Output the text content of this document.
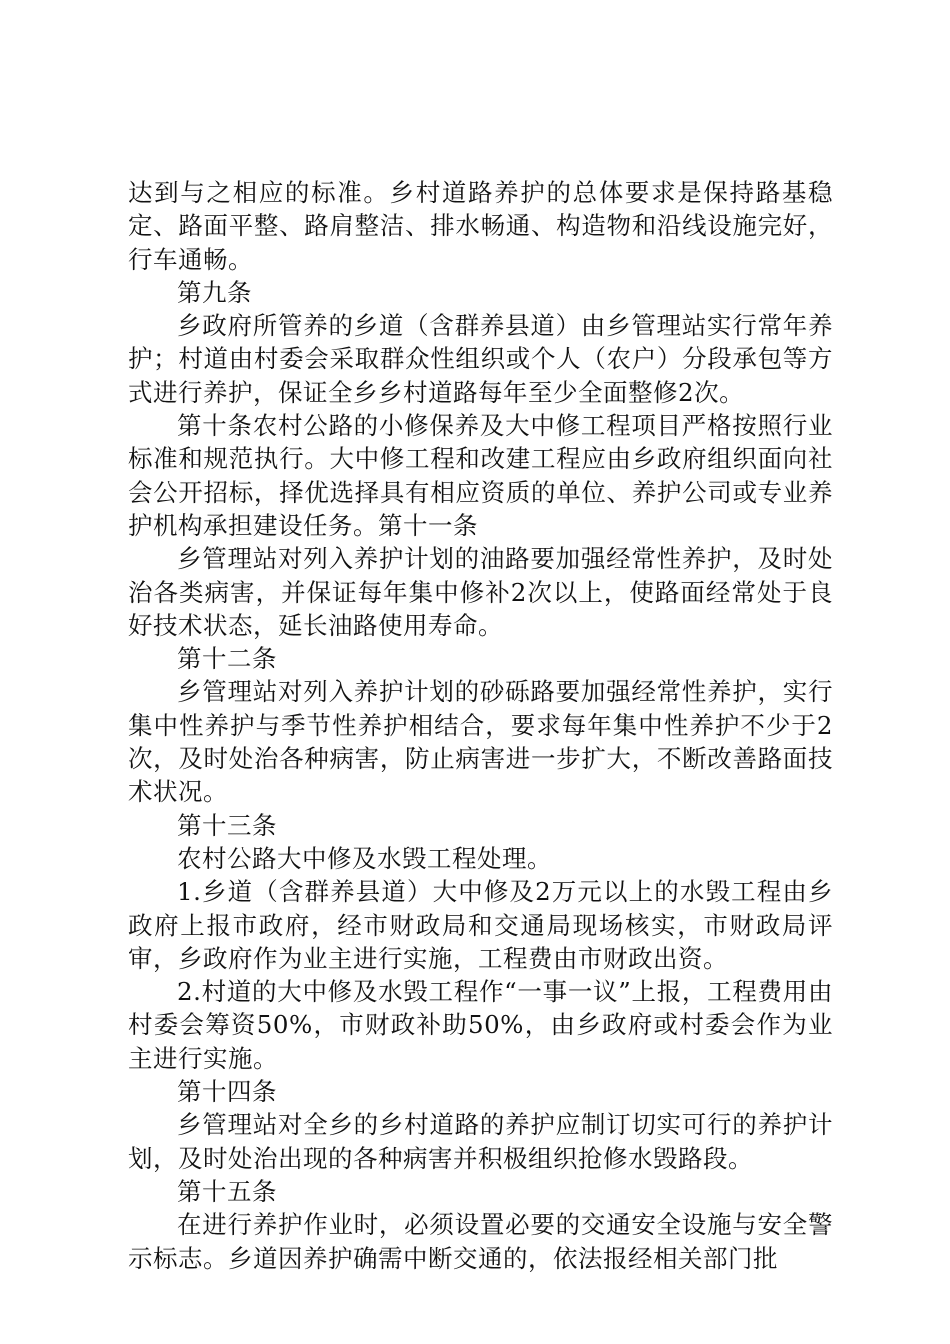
达到与之相应的标准。乡村道路养护的总体要求是保持路基稳定、路面平整、路肩整洁、排水畅通、构造物和沿线设施完好，行车通畅。

第九条

乡政府所管养的乡道（含群养县道）由乡管理站实行常年养护；村道由村委会采取群众性组织或个人（农户）分段承包等方式进行养护，保证全乡乡村道路每年至少全面整修2次。

第十条农村公路的小修保养及大中修工程项目严格按照行业标准和规范执行。大中修工程和改建工程应由乡政府组织面向社会公开招标，择优选择具有相应资质的单位、养护公司或专业养护机构承担建设任务。第十一条

乡管理站对列入养护计划的油路要加强经常性养护，及时处治各类病害，并保证每年集中修补2次以上，使路面经常处于良好技术状态，延长油路使用寿命。

第十二条

乡管理站对列入养护计划的砂砾路要加强经常性养护，实行集中性养护与季节性养护相结合，要求每年集中性养护不少于2次，及时处治各种病害，防止病害进一步扩大，不断改善路面技术状况。

第十三条

农村公路大中修及水毁工程处理。

1.乡道（含群养县道）大中修及2万元以上的水毁工程由乡政府上报市政府，经市财政局和交通局现场核实，市财政局评审，乡政府作为业主进行实施，工程费由市财政出资。

2.村道的大中修及水毁工程作“一事一议”上报，工程费用由村委会筹资50%，市财政补助50%，由乡政府或村委会作为业主进行实施。

第十四条

乡管理站对全乡的乡村道路的养护应制订切实可行的养护计划，及时处治出现的各种病害并积极组织抢修水毁路段。

第十五条

在进行养护作业时，必须设置必要的交通安全设施与安全警示标志。乡道因养护确需中断交通的，依法报经相关部门批
